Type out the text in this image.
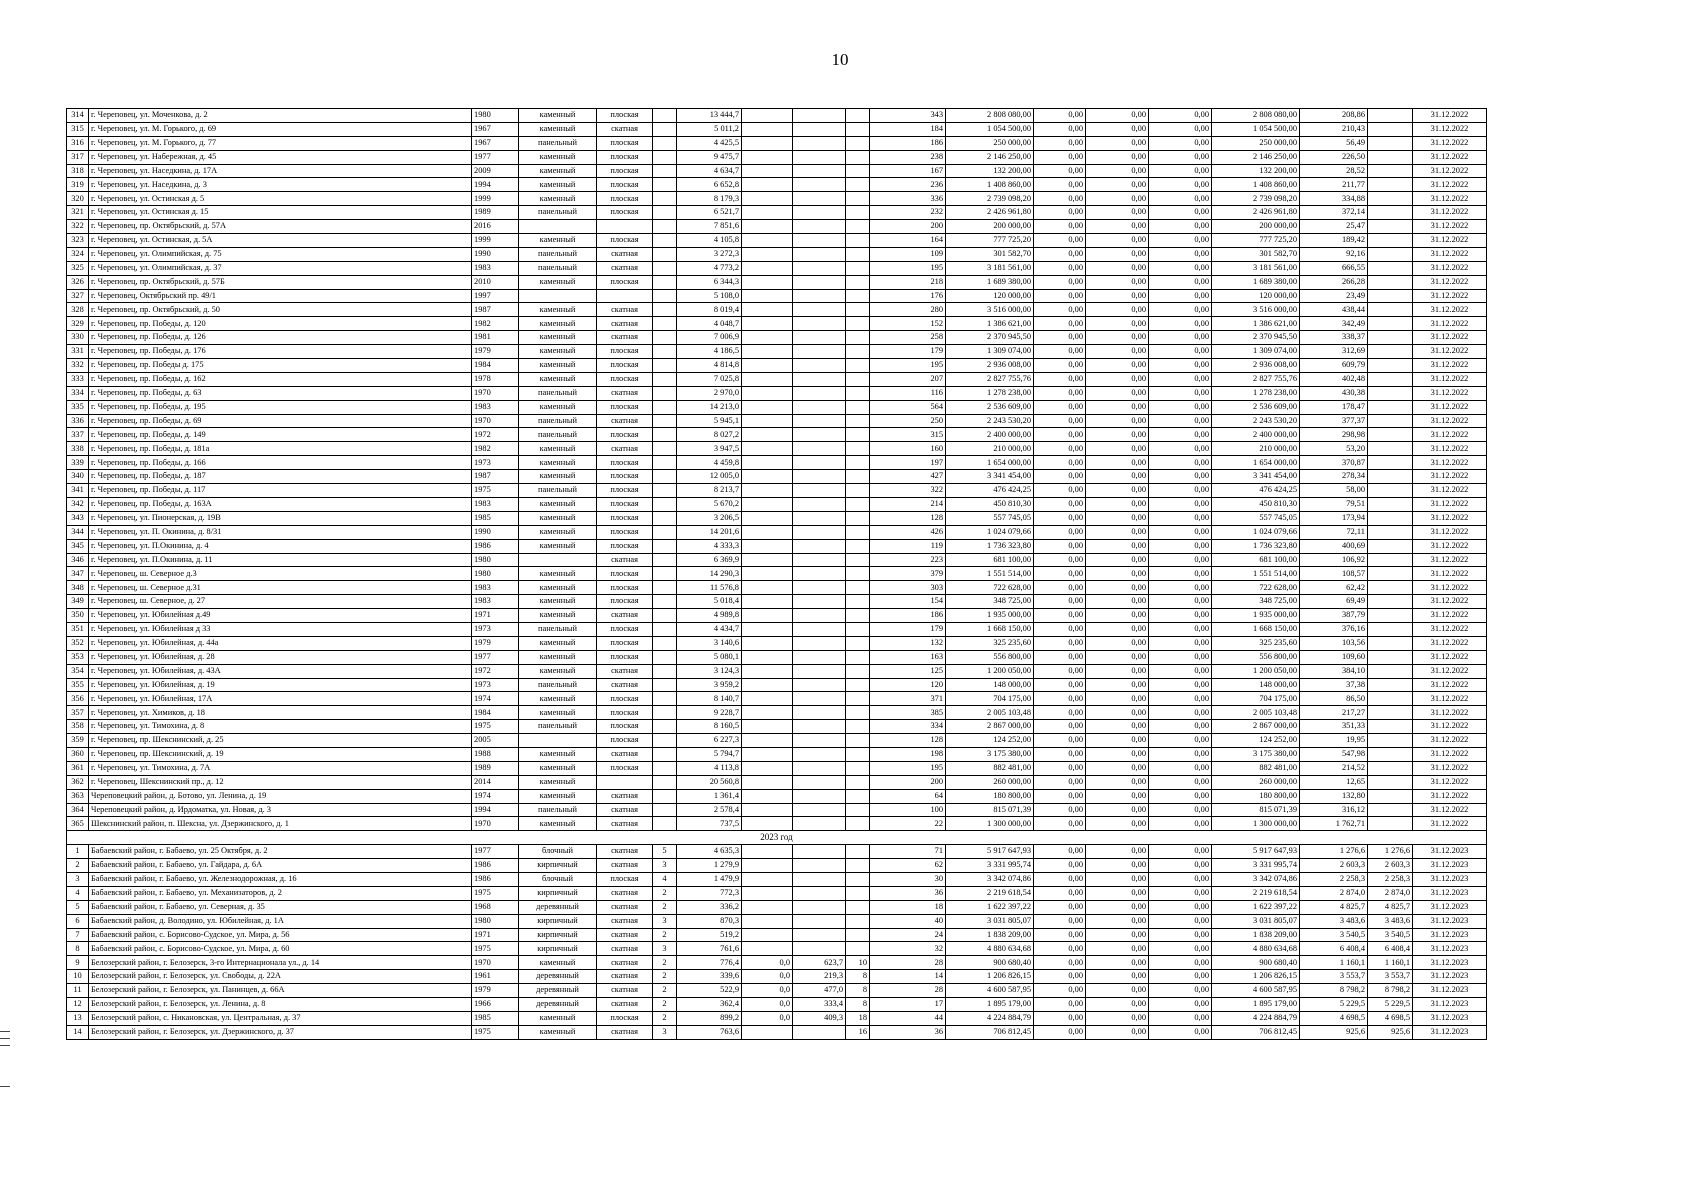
10
314	г. Череповец, ул. Моченкова, д. 2	1980	каменный	плоская		13 444,7				343	2 808 080,00	0,00	0,00	0,00	2 808 080,00	208,86		31.12.2022
315	г. Череповец, ул. М. Горького, д. 69	1967	каменный	скатная		5 011,2				184	1 054 500,00	0,00	0,00	0,00	1 054 500,00	210,43		31.12.2022
316	г. Череповец, ул. М. Горького, д. 77	1967	панельный	плоская		4 425,5				186	250 000,00	0,00	0,00	0,00	250 000,00	56,49		31.12.2022
317	г. Череповец, ул. Набережная, д. 45	1977	каменный	плоская		9 475,7				238	2 146 250,00	0,00	0,00	0,00	2 146 250,00	226,50		31.12.2022
318	г. Череповец, ул. Наседкина, д. 17А	2009	каменный	плоская		4 634,7				167	132 200,00	0,00	0,00	0,00	132 200,00	28,52		31.12.2022
319	г. Череповец, ул. Наседкина, д. 3	1994	каменный	плоская		6 652,8				236	1 408 860,00	0,00	0,00	0,00	1 408 860,00	211,77		31.12.2022
320	г. Череповец, ул. Остинская д. 5	1999	каменный	плоская		8 179,3				336	2 739 098,20	0,00	0,00	0,00	2 739 098,20	334,88		31.12.2022
321	г. Череповец, ул. Остинская д. 15	1989	панельный	плоская		6 521,7				232	2 426 961,80	0,00	0,00	0,00	2 426 961,80	372,14		31.12.2022
322	г. Череповец, пр. Октябрьский, д. 57А	2016				7 851,6				200	200 000,00	0,00	0,00	0,00	200 000,00	25,47		31.12.2022
323	г. Череповец, ул. Остинская, д. 5А	1999	каменный	плоская		4 105,8				164	777 725,20	0,00	0,00	0,00	777 725,20	189,42		31.12.2022
324	г. Череповец, ул. Олимпийская, д. 75	1990	панельный	скатная		3 272,3				109	301 582,70	0,00	0,00	0,00	301 582,70	92,16		31.12.2022
325	г. Череповец, ул. Олимпийская, д. 37	1983	панельный	скатная		4 773,2				195	3 181 561,00	0,00	0,00	0,00	3 181 561,00	666,55		31.12.2022
326	г. Череповец, пр. Октябрьский, д. 57Б	2010	каменный	плоская		6 344,3				218	1 689 380,00	0,00	0,00	0,00	1 689 380,00	266,28		31.12.2022
327	г. Череповец, Октябрьский пр. 49/1	1997				5 108,0				176	120 000,00	0,00	0,00	0,00	120 000,00	23,49		31.12.2022
328	г. Череповец, пр. Октябрьский, д. 50	1987	каменный	скатная		8 019,4				280	3 516 000,00	0,00	0,00	0,00	3 516 000,00	438,44		31.12.2022
329	г. Череповец, пр. Победы, д. 120	1982	каменный	скатная		4 048,7				152	1 386 621,00	0,00	0,00	0,00	1 386 621,00	342,49		31.12.2022
330	г. Череповец, пр. Победы, д. 126	1981	каменный	скатная		7 006,9				258	2 370 945,50	0,00	0,00	0,00	2 370 945,50	338,37		31.12.2022
331	г. Череповец, пр. Победы, д. 176	1979	каменный	плоская		4 186,5				179	1 309 074,00	0,00	0,00	0,00	1 309 074,00	312,69		31.12.2022
332	г. Череповец, пр. Победы д. 175	1984	каменный	плоская		4 814,8				195	2 936 008,00	0,00	0,00	0,00	2 936 008,00	609,79		31.12.2022
333	г. Череповец, пр. Победы, д. 162	1978	каменный	плоская		7 025,8				207	2 827 755,76	0,00	0,00	0,00	2 827 755,76	402,48		31.12.2022
334	г. Череповец, пр. Победы, д. 63	1970	панельный	скатная		2 970,0				116	1 278 238,00	0,00	0,00	0,00	1 278 238,00	430,38		31.12.2022
335	г. Череповец, пр. Победы, д. 195	1983	каменный	плоская		14 213,0				564	2 536 609,00	0,00	0,00	0,00	2 536 609,00	178,47		31.12.2022
336	г. Череповец, пр. Победы, д. 69	1970	панельный	скатная		5 945,1				250	2 243 530,20	0,00	0,00	0,00	2 243 530,20	377,37		31.12.2022
337	г. Череповец, пр. Победы, д. 149	1972	панельный	плоская		8 027,2				315	2 400 000,00	0,00	0,00	0,00	2 400 000,00	298,98		31.12.2022
338	г. Череповец, пр. Победы, д. 181а	1982	каменный	скатная		3 947,5				160	210 000,00	0,00	0,00	0,00	210 000,00	53,20		31.12.2022
339	г. Череповец, пр. Победы, д. 166	1973	каменный	плоская		4 459,8				197	1 654 000,00	0,00	0,00	0,00	1 654 000,00	370,87		31.12.2022
340	г. Череповец, пр. Победы, д. 187	1987	каменный	плоская		12 005,0				427	3 341 454,00	0,00	0,00	0,00	3 341 454,00	278,34		31.12.2022
341	г. Череповец, пр. Победы, д. 117	1975	панельный	плоская		8 213,7				322	476 424,25	0,00	0,00	0,00	476 424,25	58,00		31.12.2022
342	г. Череповец, пр. Победы, д. 163А	1983	каменный	плоская		5 670,2				214	450 810,30	0,00	0,00	0,00	450 810,30	79,51		31.12.2022
343	г. Череповец, ул. Пионерская, д. 19В	1985	каменный	плоская		3 206,5				128	557 745,05	0,00	0,00	0,00	557 745,05	173,94		31.12.2022
344	г. Череповец, ул. П. Окинина, д. 8/31	1990	каменный	плоская		14 201,6				426	1 024 079,66	0,00	0,00	0,00	1 024 079,66	72,11		31.12.2022
345	г. Череповец, ул. П.Окинина, д. 4	1986	каменный	плоская		4 333,3				119	1 736 323,80	0,00	0,00	0,00	1 736 323,80	400,69		31.12.2022
346	г. Череповец, ул. П.Окинина, д. 11	1980		скатная		6 369,9				223	681 100,00	0,00	0,00	0,00	681 100,00	106,92		31.12.2022
347	г. Череповец, ш. Северное д.3	1980	каменный	плоская		14 290,3				379	1 551 514,00	0,00	0,00	0,00	1 551 514,00	108,57		31.12.2022
348	г. Череповец, ш. Северное д.31	1983	каменный	плоская		11 576,8				303	722 628,00	0,00	0,00	0,00	722 628,00	62,42		31.12.2022
349	г. Череповец, ш. Северное, д. 27	1983	каменный	плоская		5 018,4				154	348 725,00	0,00	0,00	0,00	348 725,00	69,49		31.12.2022
350	г. Череповец, ул. Юбилейная д.49	1971	каменный	скатная		4 989,8				186	1 935 000,00	0,00	0,00	0,00	1 935 000,00	387,79		31.12.2022
351	г. Череповец, ул. Юбилейная д 33	1973	панельный	плоская		4 434,7				179	1 668 150,00	0,00	0,00	0,00	1 668 150,00	376,16		31.12.2022
352	г. Череповец, ул. Юбилейная, д. 44а	1979	каменный	плоская		3 140,6				132	325 235,60	0,00	0,00	0,00	325 235,60	103,56		31.12.2022
353	г. Череповец, ул. Юбилейная, д. 28	1977	каменный	плоская		5 080,1				163	556 800,00	0,00	0,00	0,00	556 800,00	109,60		31.12.2022
354	г. Череповец, ул. Юбилейная, д. 43А	1972	каменный	скатная		3 124,3				125	1 200 050,00	0,00	0,00	0,00	1 200 050,00	384,10		31.12.2022
355	г. Череповец, ул. Юбилейная, д. 19	1973	панельный	скатная		3 959,2				120	148 000,00	0,00	0,00	0,00	148 000,00	37,38		31.12.2022
356	г. Череповец, ул. Юбилейная, 17А	1974	каменный	плоская		8 140,7				371	704 175,00	0,00	0,00	0,00	704 175,00	86,50		31.12.2022
357	г. Череповец, ул. Химиков, д. 18	1984	каменный	плоская		9 228,7				385	2 005 103,48	0,00	0,00	0,00	2 005 103,48	217,27		31.12.2022
358	г. Череповец, ул. Тимохина, д. 8	1975	панельный	плоская		8 160,5				334	2 867 000,00	0,00	0,00	0,00	2 867 000,00	351,33		31.12.2022
359	г. Череповец, пр. Шекснинский, д. 25	2005		плоская		6 227,3				128	124 252,00	0,00	0,00	0,00	124 252,00	19,95		31.12.2022
360	г. Череповец, пр. Шекснинский, д. 19	1988	каменный	скатная		5 794,7				198	3 175 380,00	0,00	0,00	0,00	3 175 380,00	547,98		31.12.2022
361	г. Череповец, ул. Тимохина, д. 7А	1989	каменный	плоская		4 113,8				195	882 481,00	0,00	0,00	0,00	882 481,00	214,52		31.12.2022
362	г. Череповец, Шекснинский пр., д. 12	2014	каменный			20 560,8				200	260 000,00	0,00	0,00	0,00	260 000,00	12,65		31.12.2022
363	Череповецкий район, д. Ботово, ул. Ленина, д. 19	1974	каменный	скатная		1 361,4				64	180 800,00	0,00	0,00	0,00	180 800,00	132,80		31.12.2022
364	Череповецкий район, д. Ирдоматка, ул. Новая, д. 3	1994	панельный	скатная		2 578,4				100	815 071,39	0,00	0,00	0,00	815 071,39	316,12		31.12.2022
365	Шекснинский район, п. Шексна, ул. Дзержинского, д. 1	1970	каменный	скатная		737,5				22	1 300 000,00	0,00	0,00	0,00	1 300 000,00	1 762,71		31.12.2022
2023 год																		
1	Бабаевский район, г. Бабаево, ул. 25 Октября, д. 2	1977	блочный	скатная	5	4 635,3				71	5 917 647,93	0,00	0,00	0,00	5 917 647,93	1 276,6	1 276,6	31.12.2023
2	Бабаевский район, г. Бабаево, ул. Гайдара, д. 6А	1986	кирпичный	скатная	3	1 279,9				62	3 331 995,74	0,00	0,00	0,00	3 331 995,74	2 603,3	2 603,3	31.12.2023
3	Бабаевский район, г. Бабаево, ул. Железнодорожная, д. 16	1986	блочный	плоская	4	1 479,9				30	3 342 074,86	0,00	0,00	0,00	3 342 074,86	2 258,3	2 258,3	31.12.2023
4	Бабаевский район, г. Бабаево, ул. Механизаторов, д. 2	1975	кирпичный	скатная	2	772,3				36	2 219 618,54	0,00	0,00	0,00	2 219 618,54	2 874,0	2 874,0	31.12.2023
5	Бабаевский район, г. Бабаево, ул. Северная, д. 35	1968	деревянный	скатная	2	336,2				18	1 622 397,22	0,00	0,00	0,00	1 622 397,22	4 825,7	4 825,7	31.12.2023
6	Бабаевский район, д. Володино, ул. Юбилейная, д. 1А	1980	кирпичный	скатная	3	870,3				40	3 031 805,07	0,00	0,00	0,00	3 031 805,07	3 483,6	3 483,6	31.12.2023
7	Бабаевский район, с. Борисово-Судское, ул. Мира, д. 56	1971	кирпичный	скатная	2	519,2				24	1 838 209,00	0,00	0,00	0,00	1 838 209,00	3 540,5	3 540,5	31.12.2023
8	Бабаевский район, с. Борисово-Судское, ул. Мира, д. 60	1975	кирпичный	скатная	3	761,6				32	4 880 634,68	0,00	0,00	0,00	4 880 634,68	6 408,4	6 408,4	31.12.2023
9	Белозерский район, г. Белозерск, 3-го Интернационала ул., д. 14	1970	каменный	скатная	2	776,4	0,0	623,7	10	28	900 680,40	0,00	0,00	0,00	900 680,40	1 160,1	1 160,1	31.12.2023
10	Белозерский район, г. Белозерск, ул. Свободы, д. 22А	1961	деревянный	скатная	2	339,6	0,0	219,3	8	14	1 206 826,15	0,00	0,00	0,00	1 206 826,15	3 553,7	3 553,7	31.12.2023
11	Белозерский район, г. Белозерск, ул. Панинцев, д. 66А	1979	деревянный	скатная	2	522,9	0,0	477,0	8	28	4 600 587,95	0,00	0,00	0,00	4 600 587,95	8 798,2	8 798,2	31.12.2023
12	Белозерский район, г. Белозерск, ул. Ленина, д. 8	1966	деревянный	скатная	2	362,4	0,0	333,4	8	17	1 895 179,00	0,00	0,00	0,00	1 895 179,00	5 229,5	5 229,5	31.12.2023
13	Белозерский район, с. Никановская, ул. Центральная, д. 37	1985	каменный	плоская	2	899,2	0,0	409,3	18	44	4 224 884,79	0,00	0,00	0,00	4 224 884,79	4 698,5	4 698,5	31.12.2023
14	Белозерский район, г. Белозерск, ул. Дзержинского, д. 37	1975	каменный	скатная	3	763,6			16	36	706 812,45	0,00	0,00	0,00	706 812,45	925,6	925,6	31.12.2023
